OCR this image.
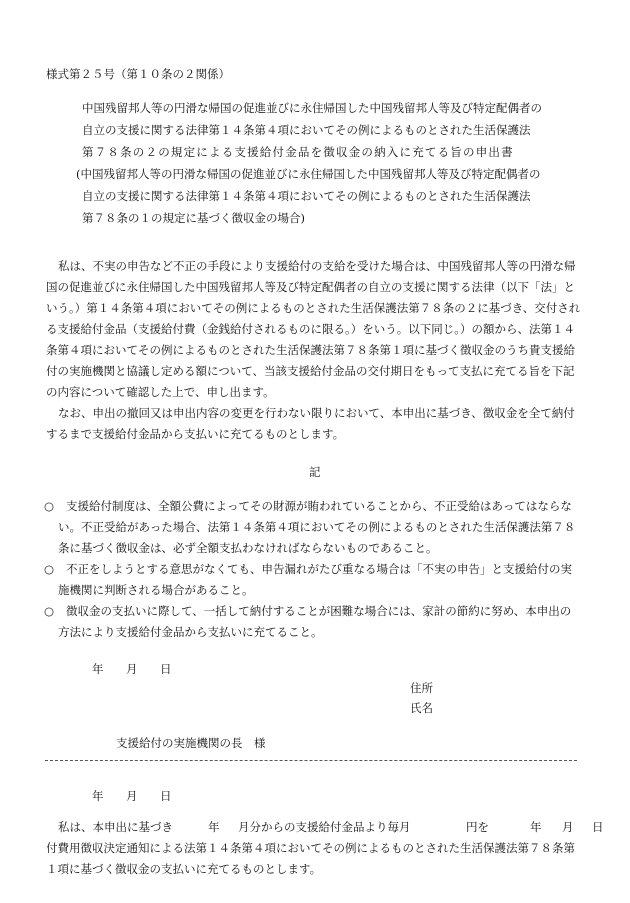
様式第２５号（第１０条の２関係）
中国残留邦人等の円滑な帰国の促進並びに永住帰国した中国残留邦人等及び特定配偶者の
自立の支援に関する法律第１４条第４項においてその例によるものとされた生活保護法
第７８条の２の規定による支援給付金品を徴収金の納入に充てる旨の申出書
(中国残留邦人等の円滑な帰国の促進並びに永住帰国した中国残留邦人等及び特定配偶者の
自立の支援に関する法律第１４条第４項においてその例によるものとされた生活保護法
第７８条の１の規定に基づく徴収金の場合)
私は、不実の申告など不正の手段により支援給付の支給を受けた場合は、中国残留邦人等の円滑な帰
国の促進並びに永住帰国した中国残留邦人等及び特定配偶者の自立の支援に関する法律（以下「法」と
いう。）第１４条第４項においてその例によるものとされた生活保護法第７８条の２に基づき、交付され
る支援給付金品（支援給付費（金銭給付されるものに限る。）をいう。以下同じ。）の額から、法第１４
条第４項においてその例によるものとされた生活保護法第７８条第１項に基づく徴収金のうち貴支援給
付の実施機関と協議し定める額について、当該支援給付金品の交付期日をもって支払に充てる旨を下記
の内容について確認した上で、申し出ます。
なお、申出の撤回又は申出内容の変更を行わない限りにおいて、本申出に基づき、徴収金を全て納付
するまで支援給付金品から支払いに充てるものとします。
記
○ 支援給付制度は、全額公費によってその財源が賄われていることから、不正受給はあってはならな
い。不正受給があった場合、法第１４条第４項においてその例によるものとされた生活保護法第７８
条に基づく徴収金は、必ず全額支払わなければならないものであること。
○ 不正をしようとする意思がなくても、申告漏れがたび重なる場合は「不実の申告」と支援給付の実
施機関に判断される場合があること。
○ 徴収金の支払いに際して、一括して納付することが困難な場合には、家計の節約に努め、本申出の
方法により支援給付金品から支払いに充てること。
年 月 日
住所
氏名
支援給付の実施機関の長　様
年 月 日
私は、本申出に基づき	年 月分からの支援給付金品より毎月	円を	年 月 日
付費用徴収決定通知による法第１４条第４項においてその例によるものとされた生活保護法第７８条第
１項に基づく徴収金の支払いに充てるものとします。
